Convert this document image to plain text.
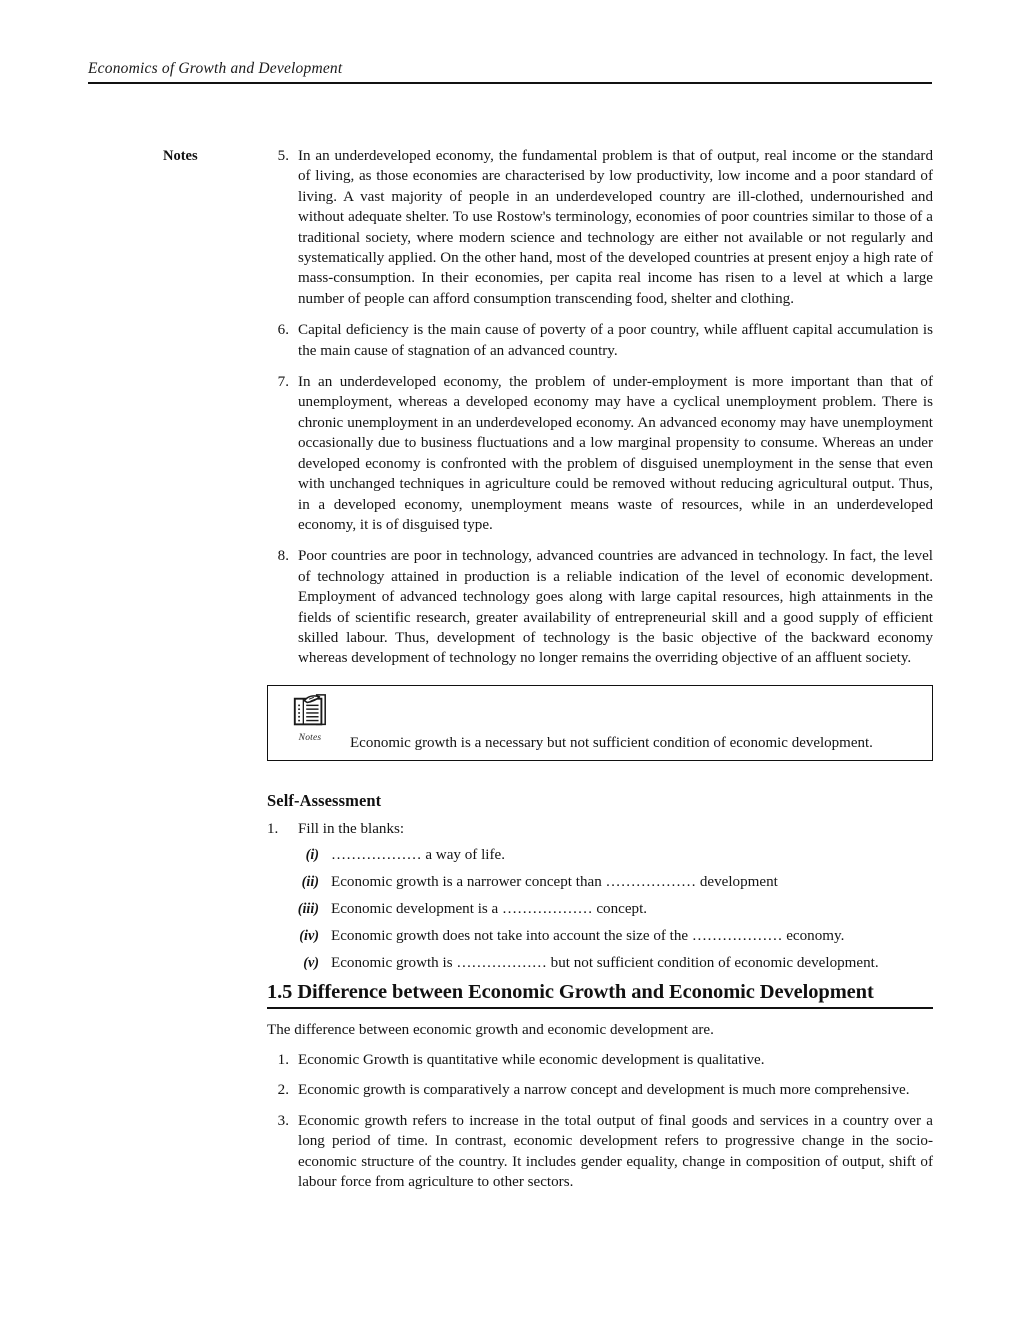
Economics of Growth and Development
Notes	5. In an underdeveloped economy, the fundamental problem is that of output, real income or the standard of living, as those economies are characterised by low productivity, low income and a poor standard of living. A vast majority of people in an underdeveloped country are ill-clothed, undernourished and without adequate shelter. To use Rostow's terminology, economies of poor countries similar to those of a traditional society, where modern science and technology are either not available or not regularly and systematically applied. On the other hand, most of the developed countries at present enjoy a high rate of mass-consumption. In their economies, per capita real income has risen to a level at which a large number of people can afford consumption transcending food, shelter and clothing.
6. Capital deficiency is the main cause of poverty of a poor country, while affluent capital accumulation is the main cause of stagnation of an advanced country.
7. In an underdeveloped economy, the problem of under-employment is more important than that of unemployment, whereas a developed economy may have a cyclical unemployment problem. There is chronic unemployment in an underdeveloped economy. An advanced economy may have unemployment occasionally due to business fluctuations and a low marginal propensity to consume. Whereas an under developed economy is confronted with the problem of disguised unemployment in the sense that even with unchanged techniques in agriculture could be removed without reducing agricultural output. Thus, in a developed economy, unemployment means waste of resources, while in an underdeveloped economy, it is of disguised type.
8. Poor countries are poor in technology, advanced countries are advanced in technology. In fact, the level of technology attained in production is a reliable indication of the level of economic development. Employment of advanced technology goes along with large capital resources, high attainments in the fields of scientific research, greater availability of entrepreneurial skill and a good supply of efficient skilled labour. Thus, development of technology is the basic objective of the backward economy whereas development of technology no longer remains the overriding objective of an affluent society.
Notes	Economic growth is a necessary but not sufficient condition of economic development.
Self-Assessment
1.	Fill in the blanks:
(i) ……………… a way of life.
(ii) Economic growth is a narrower concept than ……………… development
(iii) Economic development is a ……………… concept.
(iv) Economic growth does not take into account the size of the ……………… economy.
(v) Economic growth is ……………… but not sufficient condition of economic development.
1.5 Difference between Economic Growth and Economic Development
The difference between economic growth and economic development are.
1. Economic Growth is quantitative while economic development is qualitative.
2. Economic growth is comparatively a narrow concept and development is much more comprehensive.
3. Economic growth refers to increase in the total output of final goods and services in a country over a long period of time. In contrast, economic development refers to progressive change in the socio-economic structure of the country. It includes gender equality, change in composition of output, shift of labour force from agriculture to other sectors.
